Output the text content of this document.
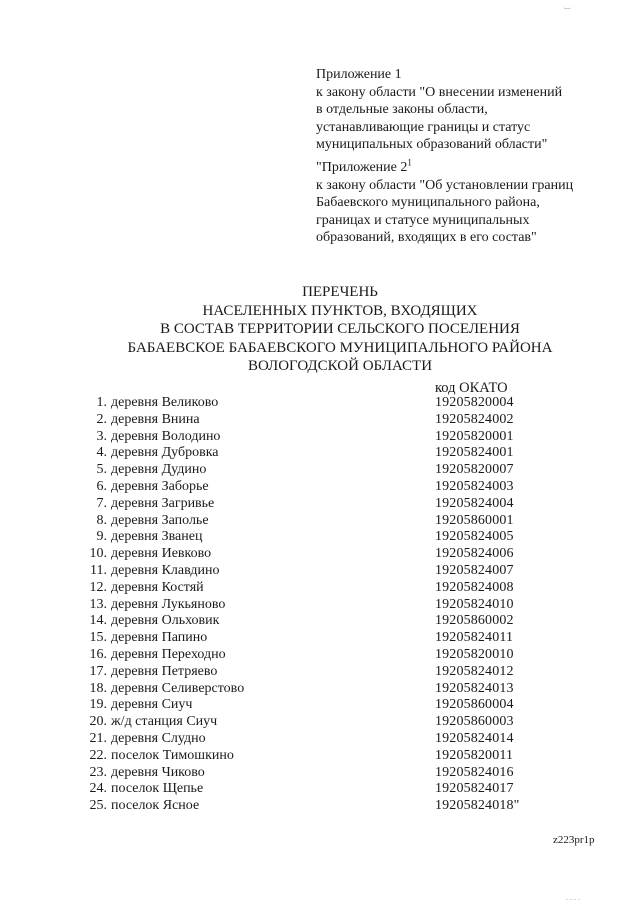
‿

Приложение 1

к закону области "О внесении изменений

в отдельные законы области,

устанавливающие границы и статус

муниципальных образований области"

"Приложение $2^1$

к закону области "Об установлении границ

Бабаевского муниципального района,

границах и статусе муниципальных

образований, входящих в его состав"

ПЕРЕЧЕНЬ
НАСЕЛЕННЫХ ПУНКТОВ, ВХОДЯЩИХ
В СОСТАВ ТЕРРИТОРИИ СЕЛЬСКОГО ПОСЕЛЕНИЯ
БАБАЕВСКОЕ БАБАЕВСКОГО МУНИЦИПАЛЬНОГО РАЙОНА
ВОЛОГОДСКОЙ ОБЛАСТИ
код ОКАТО
1. деревня Великово	19205820004
2. деревня Внина	19205824002
3. деревня Володино	19205820001
4. деревня Дубровка	19205824001
5. деревня Дудино	19205820007
6. деревня Заборье	19205824003
7. деревня Загривье	19205824004
8. деревня Заполье	19205860001
9. деревня Званец	19205824005
10. деревня Иевково	19205824006
11. деревня Клавдино	19205824007
12. деревня Костяй	19205824008
13. деревня Лукьяново	19205824010
14. деревня Ольховик	19205860002
15. деревня Папино	19205824011
16. деревня Переходно	19205820010
17. деревня Петряево	19205824012
18. деревня Селиверстово	19205824013
19. деревня Сиуч	19205860004
20. ж/д станция Сиуч	19205860003
21. деревня Слудно	19205824014
22. поселок Тимошкино	19205820011
23. деревня Чиково	19205824016
24. поселок Щепье	19205824017
25. поселок Ясное	19205824018"
z223pr1p
. . . .
